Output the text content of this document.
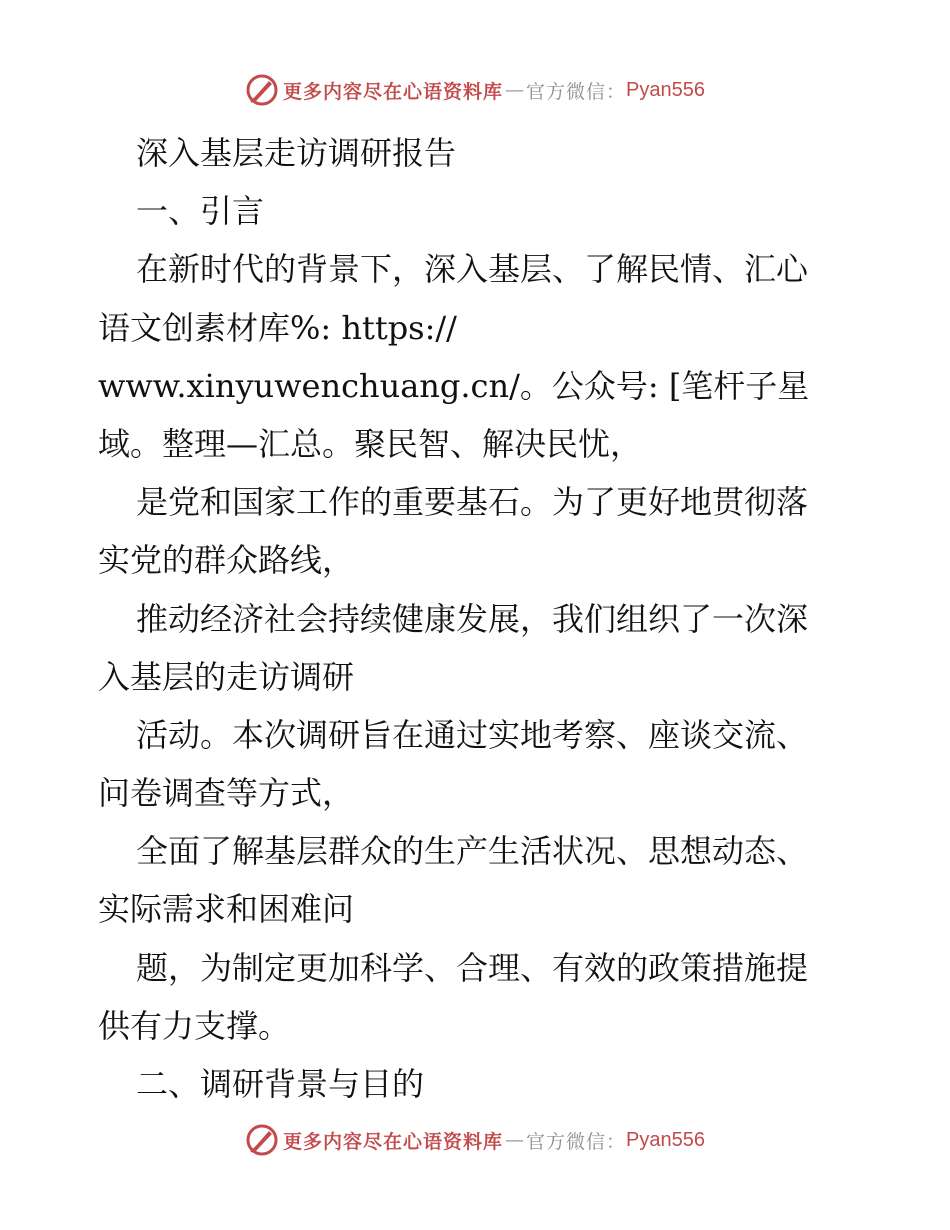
更多内容尽在心语资料库 — 官方微信： Pyan556
深入基层走访调研报告
一、引言
在新时代的背景下，深入基层、了解民情、汇心
语文创素材库%: https://
www.xinyuwenchuang.cn/。公众号: [笔杆子星
域。整理—汇总。聚民智、解决民忧，
是党和国家工作的重要基石。为了更好地贯彻落
实党的群众路线，
推动经济社会持续健康发展，我们组织了一次深
入基层的走访调研
活动。本次调研旨在通过实地考察、座谈交流、
问卷调查等方式，
全面了解基层群众的生产生活状况、思想动态、
实际需求和困难问
题，为制定更加科学、合理、有效的政策措施提
供有力支撑。
二、调研背景与目的
更多内容尽在心语资料库 — 官方微信： Pyan556
